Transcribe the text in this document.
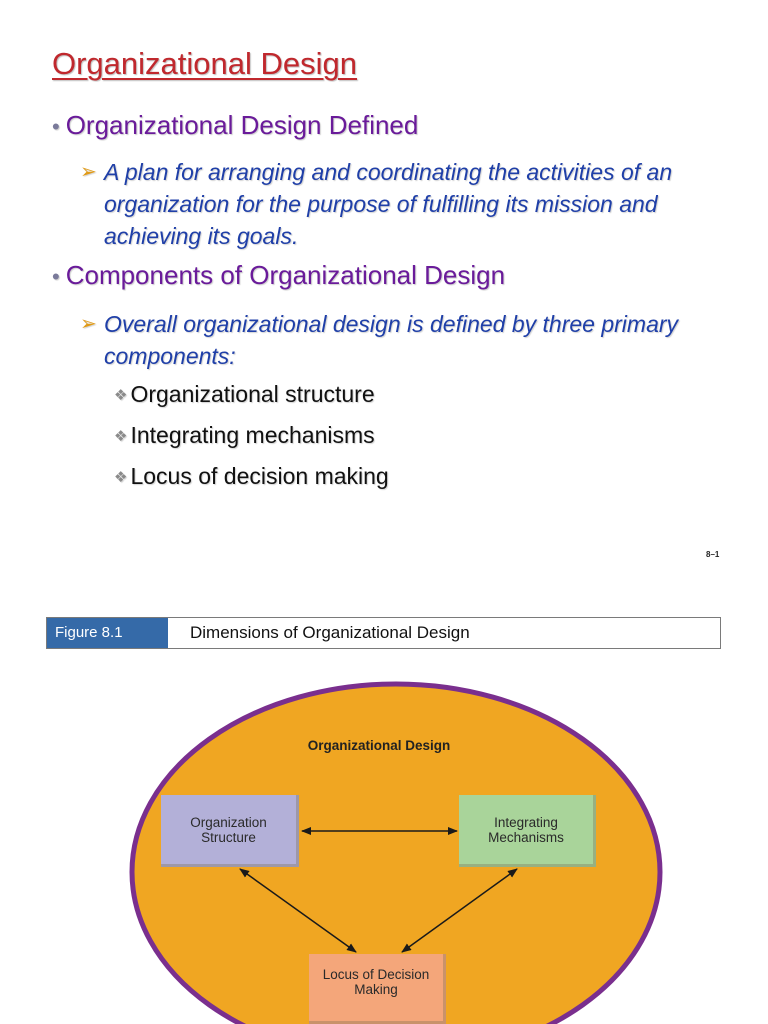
Organizational Design
• Organizational Design Defined
➢ A plan for arranging and coordinating the activities of an organization for the purpose of fulfilling its mission and achieving its goals.
• Components of Organizational Design
➢ Overall organizational design is defined by three primary components:
❖ Organizational structure
❖ Integrating mechanisms
❖ Locus of decision making
8–1
Figure 8.1	Dimensions of Organizational Design
Organizational Design
Organization
Structure
Integrating
Mechanisms
Locus of Decision
Making
